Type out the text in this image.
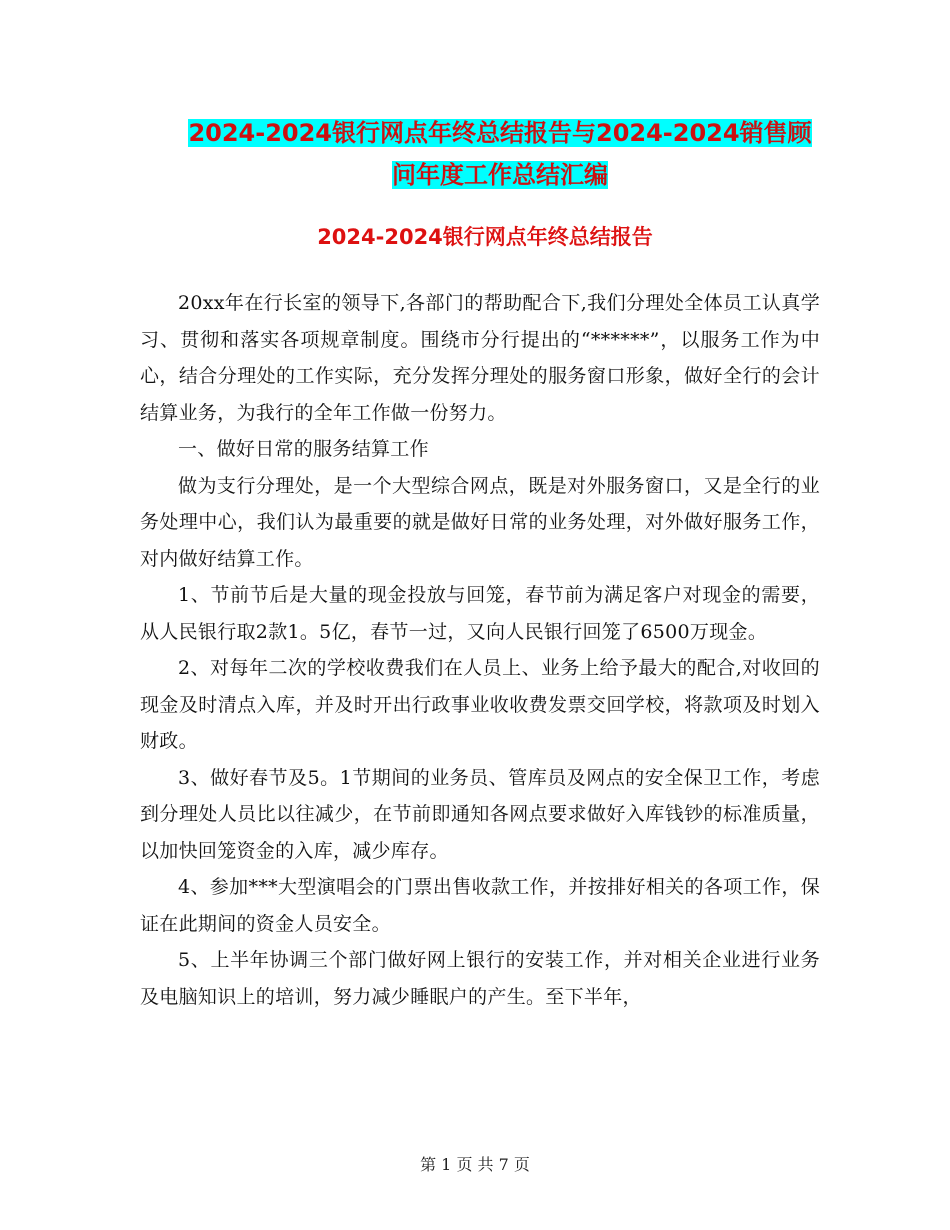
2024-2024银行网点年终总结报告与2024-2024销售顾
问年度工作总结汇编
2024-2024银行网点年终总结报告

20xx年在行长室的领导下,各部门的帮助配合下,我们分理处全体员工认真学习、贯彻和落实各项规章制度。围绕市分行提出的“******”，以服务工作为中心，结合分理处的工作实际，充分发挥分理处的服务窗口形象，做好全行的会计结算业务，为我行的全年工作做一份努力。

一、做好日常的服务结算工作

做为支行分理处，是一个大型综合网点，既是对外服务窗口，又是全行的业务处理中心，我们认为最重要的就是做好日常的业务处理，对外做好服务工作，对内做好结算工作。

1、节前节后是大量的现金投放与回笼，春节前为满足客户对现金的需要，从人民银行取2款1。5亿，春节一过，又向人民银行回笼了6500万现金。

2、对每年二次的学校收费我们在人员上、业务上给予最大的配合,对收回的现金及时清点入库，并及时开出行政事业收收费发票交回学校，将款项及时划入财政。

3、做好春节及5。1节期间的业务员、管库员及网点的安全保卫工作，考虑到分理处人员比以往减少，在节前即通知各网点要求做好入库钱钞的标准质量，以加快回笼资金的入库，减少库存。

4、参加***大型演唱会的门票出售收款工作，并按排好相关的各项工作，保证在此期间的资金人员安全。

5、上半年协调三个部门做好网上银行的安装工作，并对相关企业进行业务及电脑知识上的培训，努力减少睡眠户的产生。至下半年，

第 1 页 共 7 页
